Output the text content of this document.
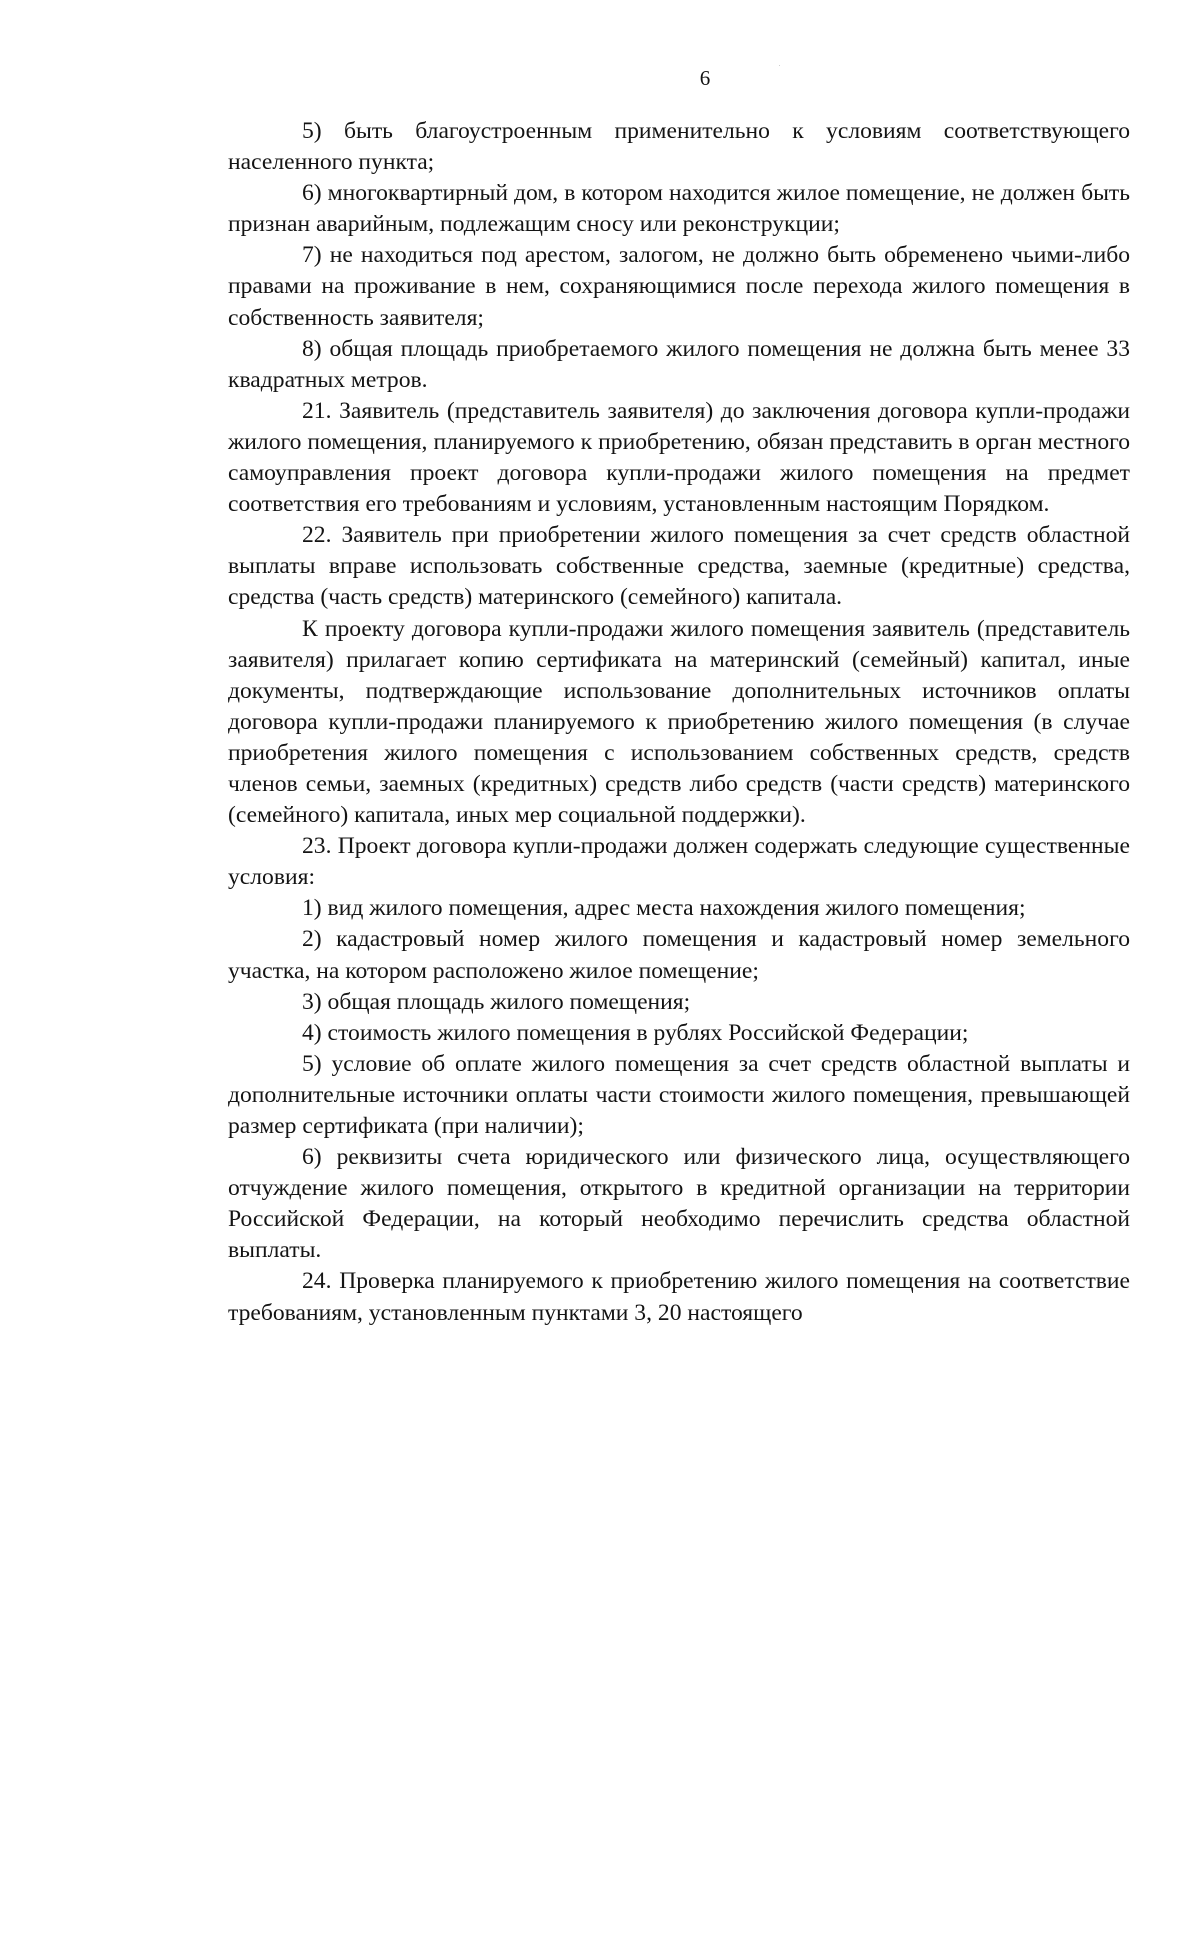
6

5) быть благоустроенным применительно к условиям соответствующего населенного пункта;

6) многоквартирный дом, в котором находится жилое помещение, не должен быть признан аварийным, подлежащим сносу или реконструкции;

7) не находиться под арестом, залогом, не должно быть обременено чьими-либо правами на проживание в нем, сохраняющимися после перехода жилого помещения в собственность заявителя;

8) общая площадь приобретаемого жилого помещения не должна быть менее 33 квадратных метров.

21. Заявитель (представитель заявителя) до заключения договора купли-продажи жилого помещения, планируемого к приобретению, обязан представить в орган местного самоуправления проект договора купли-продажи жилого помещения на предмет соответствия его требованиям и условиям, установленным настоящим Порядком.

22. Заявитель при приобретении жилого помещения за счет средств областной выплаты вправе использовать собственные средства, заемные (кредитные) средства, средства (часть средств) материнского (семейного) капитала.

К проекту договора купли-продажи жилого помещения заявитель (представитель заявителя) прилагает копию сертификата на материнский (семейный) капитал, иные документы, подтверждающие использование дополнительных источников оплаты договора купли-продажи планируемого к приобретению жилого помещения (в случае приобретения жилого помещения с использованием собственных средств, средств членов семьи, заемных (кредитных) средств либо средств (части средств) материнского (семейного) капитала, иных мер социальной поддержки).

23. Проект договора купли-продажи должен содержать следующие существенные условия:

1) вид жилого помещения, адрес места нахождения жилого помещения;

2) кадастровый номер жилого помещения и кадастровый номер земельного участка, на котором расположено жилое помещение;

3) общая площадь жилого помещения;

4) стоимость жилого помещения в рублях Российской Федерации;

5) условие об оплате жилого помещения за счет средств областной выплаты и дополнительные источники оплаты части стоимости жилого помещения, превышающей размер сертификата (при наличии);

6) реквизиты счета юридического или физического лица, осуществляющего отчуждение жилого помещения, открытого в кредитной организации на территории Российской Федерации, на который необходимо перечислить средства областной выплаты.

24. Проверка планируемого к приобретению жилого помещения на соответствие требованиям, установленным пунктами 3, 20 настоящего
